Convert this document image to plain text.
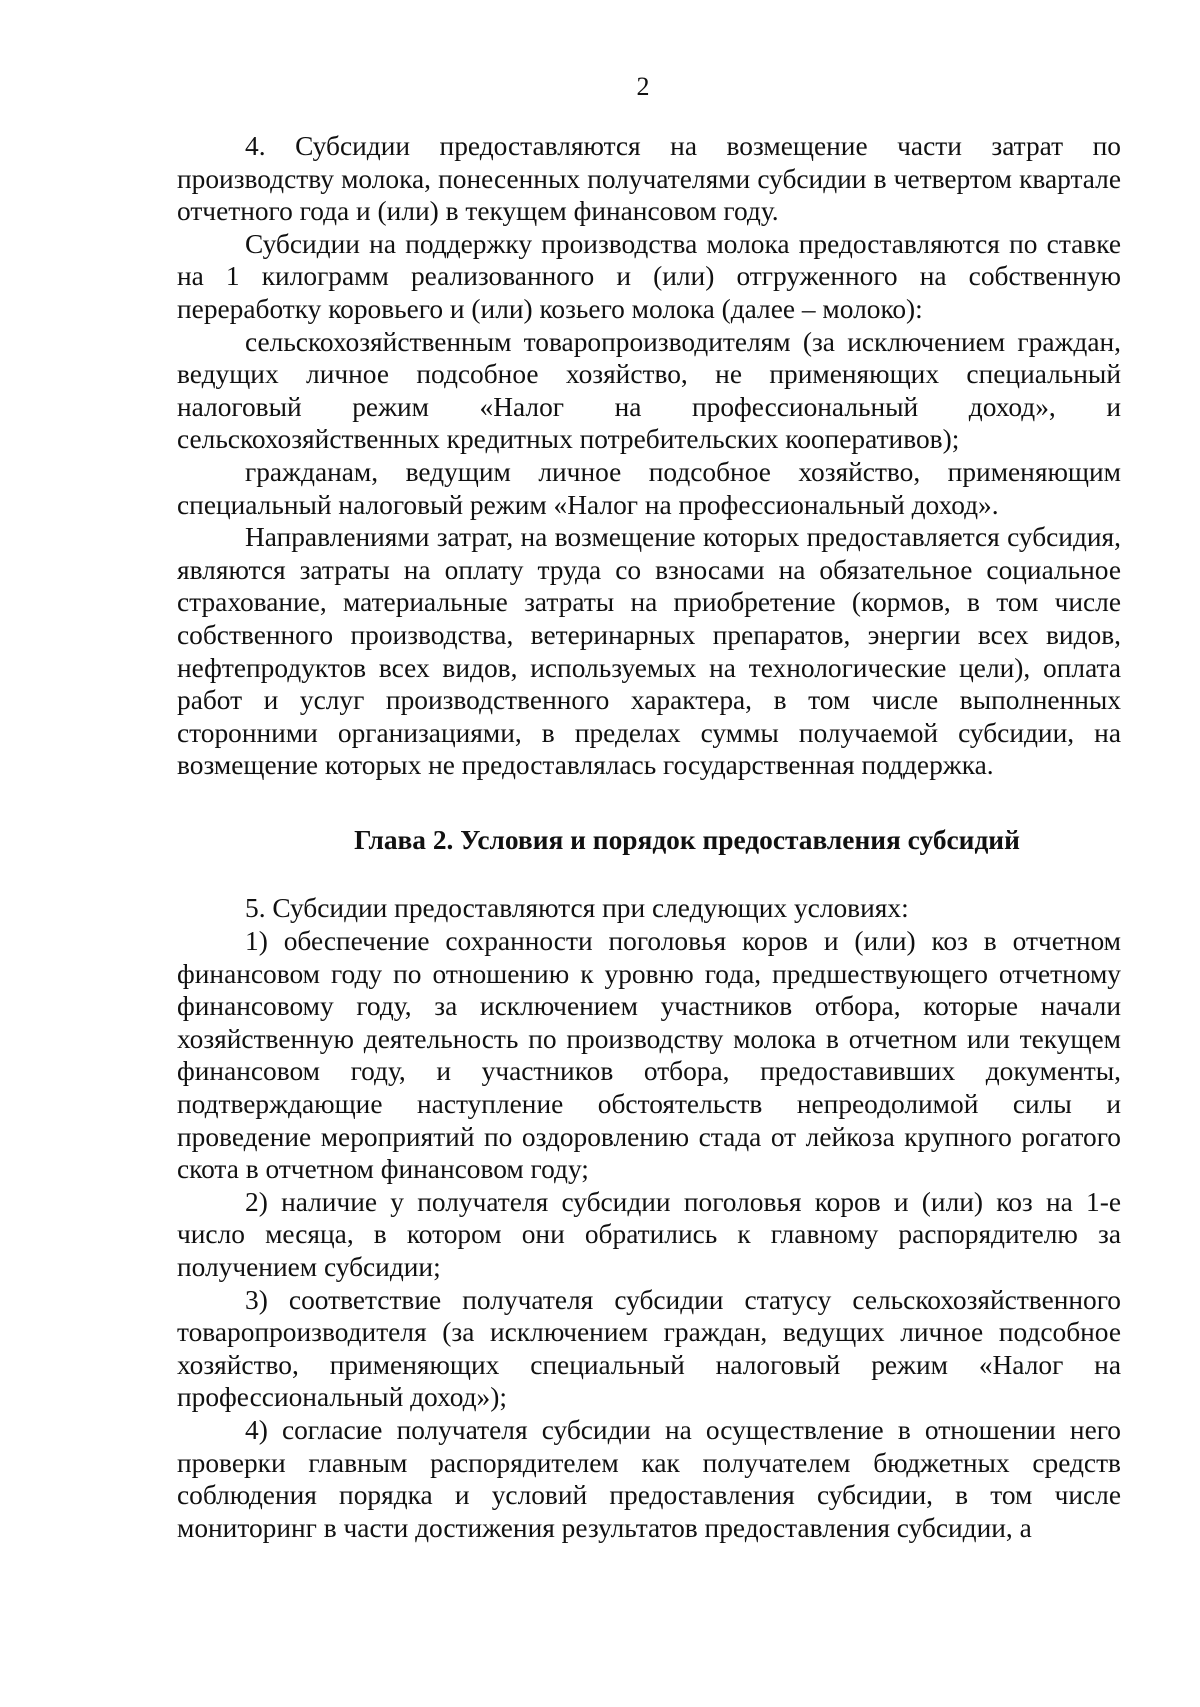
2

4. Субсидии предоставляются на возмещение части затрат по производству молока, понесенных получателями субсидии в четвертом квартале отчетного года и (или) в текущем финансовом году.

Субсидии на поддержку производства молока предоставляются по ставке на 1 килограмм реализованного и (или) отгруженного на собственную переработку коровьего и (или) козьего молока (далее – молоко):

сельскохозяйственным товаропроизводителям (за исключением граждан, ведущих личное подсобное хозяйство, не применяющих специальный налоговый режим «Налог на профессиональный доход», и сельскохозяйственных кредитных потребительских кооперативов);

гражданам, ведущим личное подсобное хозяйство, применяющим специальный налоговый режим «Налог на профессиональный доход».

Направлениями затрат, на возмещение которых предоставляется субсидия, являются затраты на оплату труда со взносами на обязательное социальное страхование, материальные затраты на приобретение (кормов, в том числе собственного производства, ветеринарных препаратов, энергии всех видов, нефтепродуктов всех видов, используемых на технологические цели), оплата работ и услуг производственного характера, в том числе выполненных сторонними организациями, в пределах суммы получаемой субсидии, на возмещение которых не предоставлялась государственная поддержка.

Глава 2. Условия и порядок предоставления субсидий

5. Субсидии предоставляются при следующих условиях:

1) обеспечение сохранности поголовья коров и (или) коз в отчетном финансовом году по отношению к уровню года, предшествующего отчетному финансовому году, за исключением участников отбора, которые начали хозяйственную деятельность по производству молока в отчетном или текущем финансовом году, и участников отбора, предоставивших документы, подтверждающие наступление обстоятельств непреодолимой силы и проведение мероприятий по оздоровлению стада от лейкоза крупного рогатого скота в отчетном финансовом году;

2) наличие у получателя субсидии поголовья коров и (или) коз на 1-е число месяца, в котором они обратились к главному распорядителю за получением субсидии;

3) соответствие получателя субсидии статусу сельскохозяйственного товаропроизводителя (за исключением граждан, ведущих личное подсобное хозяйство, применяющих специальный налоговый режим «Налог на профессиональный доход»);

4) согласие получателя субсидии на осуществление в отношении него проверки главным распорядителем как получателем бюджетных средств соблюдения порядка и условий предоставления субсидии, в том числе мониторинг в части достижения результатов предоставления субсидии, а
